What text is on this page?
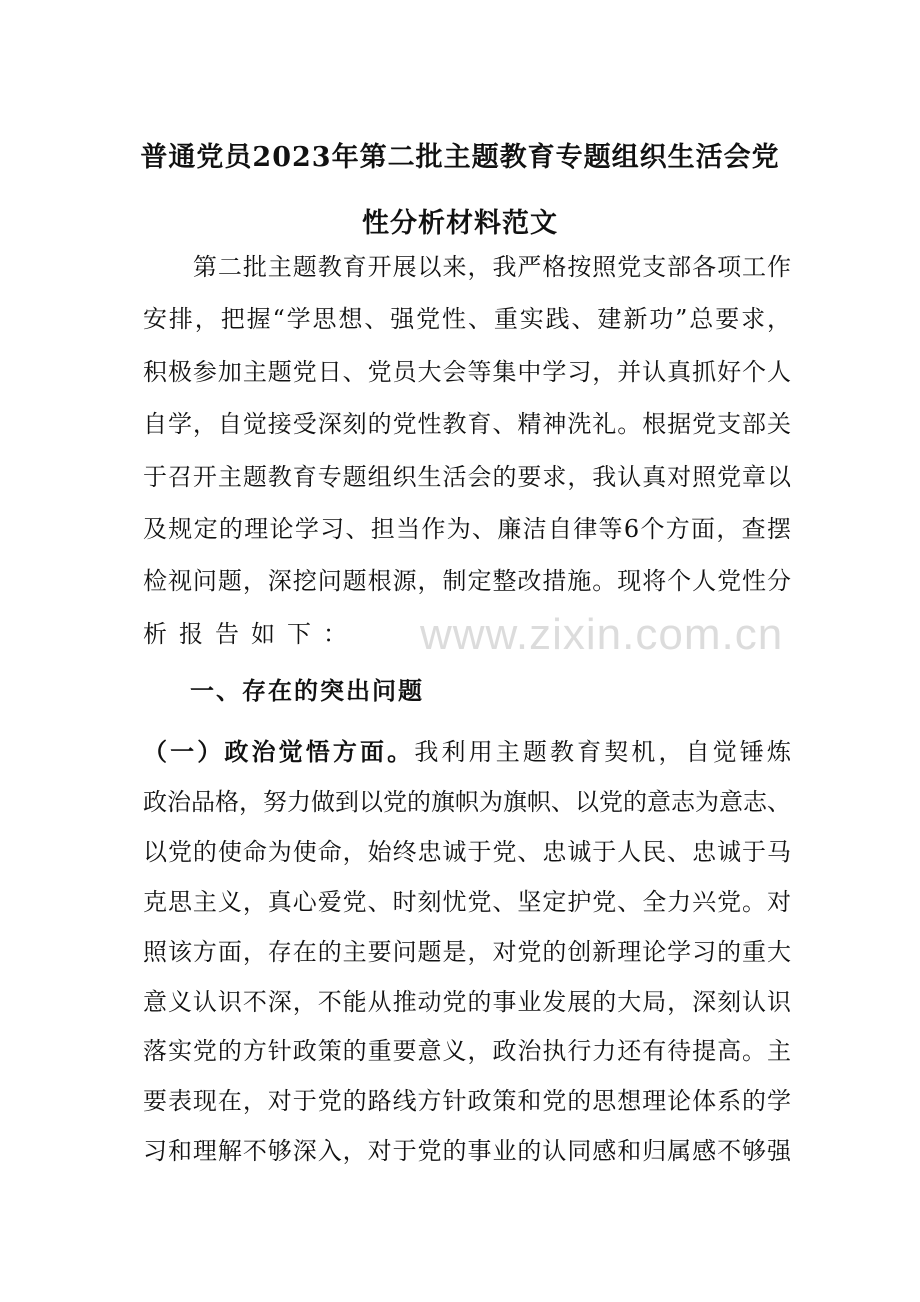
www.zixin.com.cn
普通党员2023年第二批主题教育专题组织生活会党
性分析材料范文
　　第二批主题教育开展以来，我严格按照党支部各项工作
安排，把握“学思想、强党性、重实践、建新功”总要求，
积极参加主题党日、党员大会等集中学习，并认真抓好个人
自学，自觉接受深刻的党性教育、精神洗礼。根据党支部关
于召开主题教育专题组织生活会的要求，我认真对照党章以
及规定的理论学习、担当作为、廉洁自律等6个方面，查摆
检视问题，深挖问题根源，制定整改措施。现将个人党性分
析报告如下：
一、存在的突出问题
（一）政治觉悟方面。我利用主题教育契机，自觉锤炼
政治品格，努力做到以党的旗帜为旗帜、以党的意志为意志、
以党的使命为使命，始终忠诚于党、忠诚于人民、忠诚于马
克思主义，真心爱党、时刻忧党、坚定护党、全力兴党。对
照该方面，存在的主要问题是，对党的创新理论学习的重大
意义认识不深，不能从推动党的事业发展的大局，深刻认识
落实党的方针政策的重要意义，政治执行力还有待提高。主
要表现在，对于党的路线方针政策和党的思想理论体系的学
习和理解不够深入，对于党的事业的认同感和归属感不够强
